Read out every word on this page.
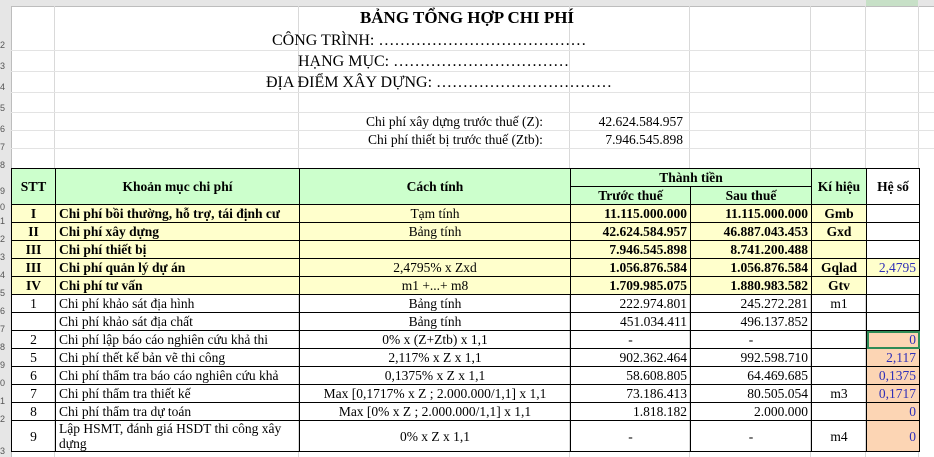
2
3
4
5
6
7
8
9
0
1
2
3
4
5
6
7
8
9
0
1
2
3
BẢNG TỔNG HỢP CHI PHÍ
CÔNG TRÌNH: …………………………………
HẠNG MỤC: ……………………………
ĐỊA ĐIỂM XÂY DỰNG: ……………………………
Chi phí xây dựng trước thuế (Z):	42.624.584.957
Chi phí thiết bị trước thuế (Ztb):	7.946.545.898
STT	Khoản mục chi phí	Cách tính	Thành tiền		Kí hiệu	Hệ số
			Trước thuế	Sau thuế		
I	Chi phí bồi thường, hỗ trợ, tái định cư	Tạm tính	11.115.000.000	11.115.000.000	Gmb	
II	Chi phí xây dựng	Bảng tính	42.624.584.957	46.887.043.453	Gxd	
III	Chi phí thiết bị		7.946.545.898	8.741.200.488		
III	Chi phí quản lý dự án	2,4795% x Zxd	1.056.876.584	1.056.876.584	Gqlad	2,4795
IV	Chi phí tư vấn	m1 +...+ m8	1.709.985.075	1.880.983.582	Gtv	
1	Chi phí khảo sát địa hình	Bảng tính	222.974.801	245.272.281	m1	
	Chi phí khảo sát địa chất	Bảng tính	451.034.411	496.137.852		
2	Chi phí lập báo cáo nghiên cứu khả thi	0% x (Z+Ztb) x 1,1	-	-		0
5	Chi phí thết kế bản vẽ thi công	2,117% x Z x 1,1	902.362.464	992.598.710		2,117
6	Chi phí thẩm tra báo cáo nghiên cứu khả	0,1375% x Z x 1,1	58.608.805	64.469.685		0,1375
7	Chi phí thẩm tra thiết kế	Max [0,1717% x Z ; 2.000.000/1,1] x 1,1	73.186.413	80.505.054	m3	0,1717
8	Chi phí thẩm tra dự toán	Max [0% x Z ; 2.000.000/1,1] x 1,1	1.818.182	2.000.000		0
9	Lập HSMT, đánh giá HSDT thi công xây
dựng	0% x Z x 1,1	-	-	m4	0
